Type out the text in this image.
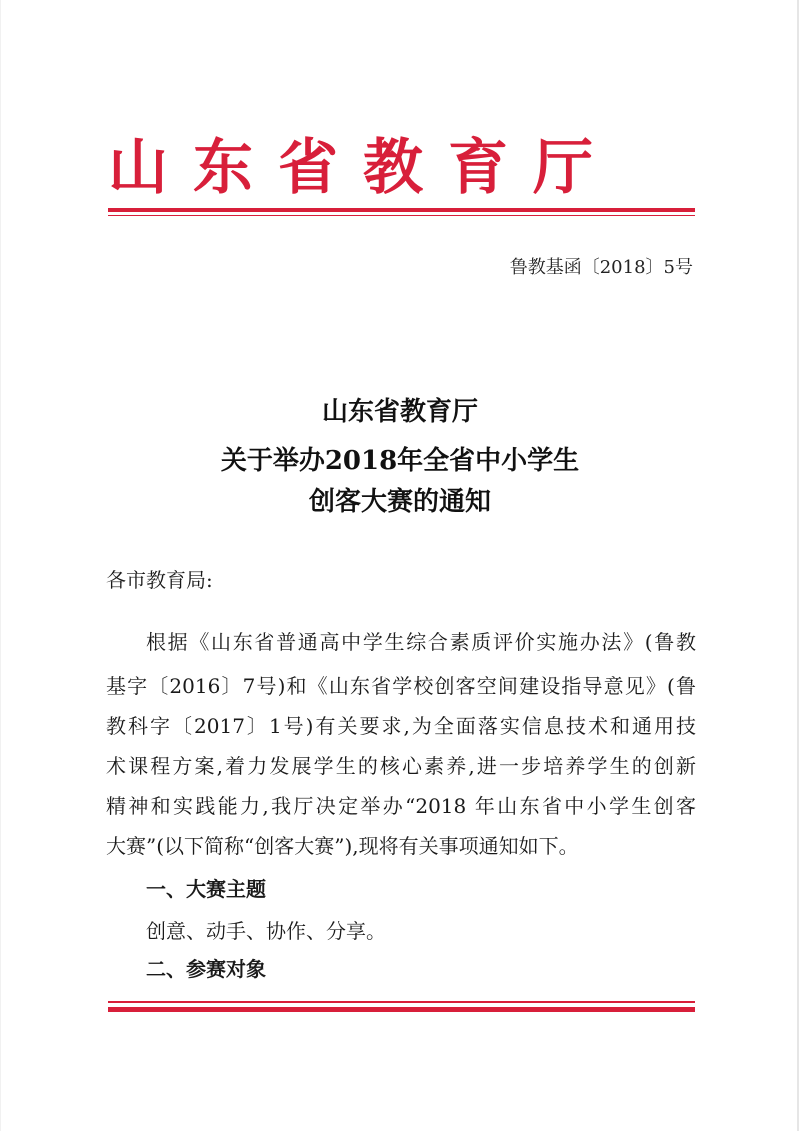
山东省教育厅
鲁教基函〔2018〕5号
山东省教育厅
关于举办2018年全省中小学生
创客大赛的通知
各市教育局:
根据《山东省普通高中学生综合素质评价实施办法》(鲁教
基字〔2016〕7号)和《山东省学校创客空间建设指导意见》(鲁
教科字〔2017〕1号)有关要求,为全面落实信息技术和通用技
术课程方案,着力发展学生的核心素养,进一步培养学生的创新
精神和实践能力,我厅决定举办“2018 年山东省中小学生创客
大赛”(以下简称“创客大赛”),现将有关事项通知如下。
一、大赛主题
创意、动手、协作、分享。
二、参赛对象
